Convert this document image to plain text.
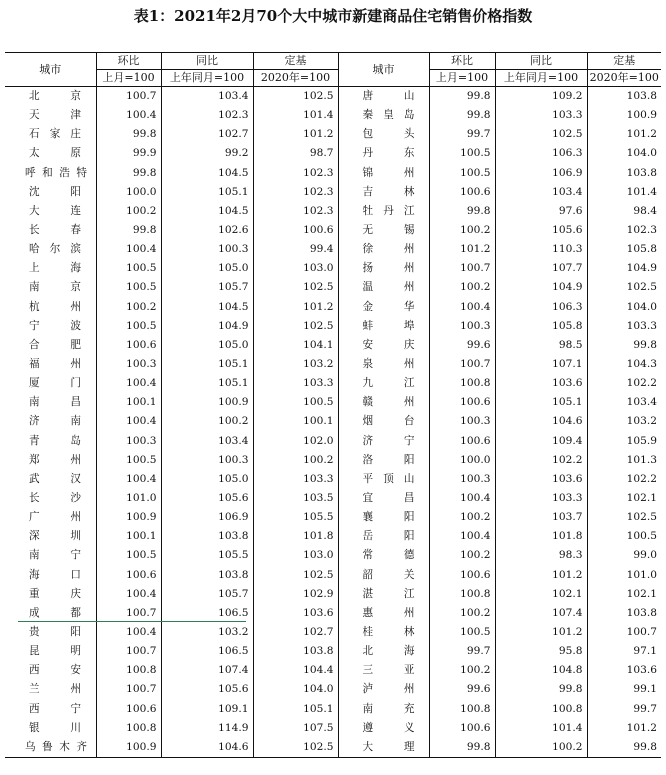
表1：2021年2月70个大中城市新建商品住宅销售价格指数
城市	环比	同比	定基	城市	环比	同比	定基
	上月=100	上年同月=100	2020年=100		上月=100	上年同月=100	2020年=100
北京	100.7	103.4	102.5	唐山	99.8	109.2	103.8
天津	100.4	102.3	101.4	秦皇岛	99.8	103.3	100.9
石家庄	99.8	102.7	101.2	包头	99.7	102.5	101.2
太原	99.9	99.2	98.7	丹东	100.5	106.3	104.0
呼和浩特	99.8	104.5	102.3	锦州	100.5	106.9	103.8
沈阳	100.0	105.1	102.3	吉林	100.6	103.4	101.4
大连	100.2	104.5	102.3	牡丹江	99.8	97.6	98.4
长春	99.8	102.6	100.6	无锡	100.2	105.6	102.3
哈尔滨	100.4	100.3	99.4	徐州	101.2	110.3	105.8
上海	100.5	105.0	103.0	扬州	100.7	107.7	104.9
南京	100.5	105.7	102.5	温州	100.2	104.9	102.5
杭州	100.2	104.5	101.2	金华	100.4	106.3	104.0
宁波	100.5	104.9	102.5	蚌埠	100.3	105.8	103.3
合肥	100.6	105.0	104.1	安庆	99.6	98.5	99.8
福州	100.3	105.1	103.2	泉州	100.7	107.1	104.3
厦门	100.4	105.1	103.3	九江	100.8	103.6	102.2
南昌	100.1	100.9	100.5	赣州	100.6	105.1	103.4
济南	100.4	100.2	100.1	烟台	100.3	104.6	103.2
青岛	100.3	103.4	102.0	济宁	100.6	109.4	105.9
郑州	100.5	100.3	100.2	洛阳	100.0	102.2	101.3
武汉	100.4	105.0	103.3	平顶山	100.3	103.6	102.2
长沙	101.0	105.6	103.5	宜昌	100.4	103.3	102.1
广州	100.9	106.9	105.5	襄阳	100.2	103.7	102.5
深圳	100.1	103.8	101.8	岳阳	100.4	101.8	100.5
南宁	100.5	105.5	103.0	常德	100.2	98.3	99.0
海口	100.6	103.8	102.5	韶关	100.6	101.2	101.0
重庆	100.4	105.7	102.9	湛江	100.8	102.1	102.1
成都	100.7	106.5	103.6	惠州	100.2	107.4	103.8
贵阳	100.4	103.2	102.7	桂林	100.5	101.2	100.7
昆明	100.7	106.5	103.8	北海	99.7	95.8	97.1
西安	100.8	107.4	104.4	三亚	100.2	104.8	103.6
兰州	100.7	105.6	104.0	泸州	99.6	99.8	99.1
西宁	100.6	109.1	105.1	南充	100.8	100.8	99.7
银川	100.8	114.9	107.5	遵义	100.6	101.4	101.2
乌鲁木齐	100.9	104.6	102.5	大理	99.8	100.2	99.8
